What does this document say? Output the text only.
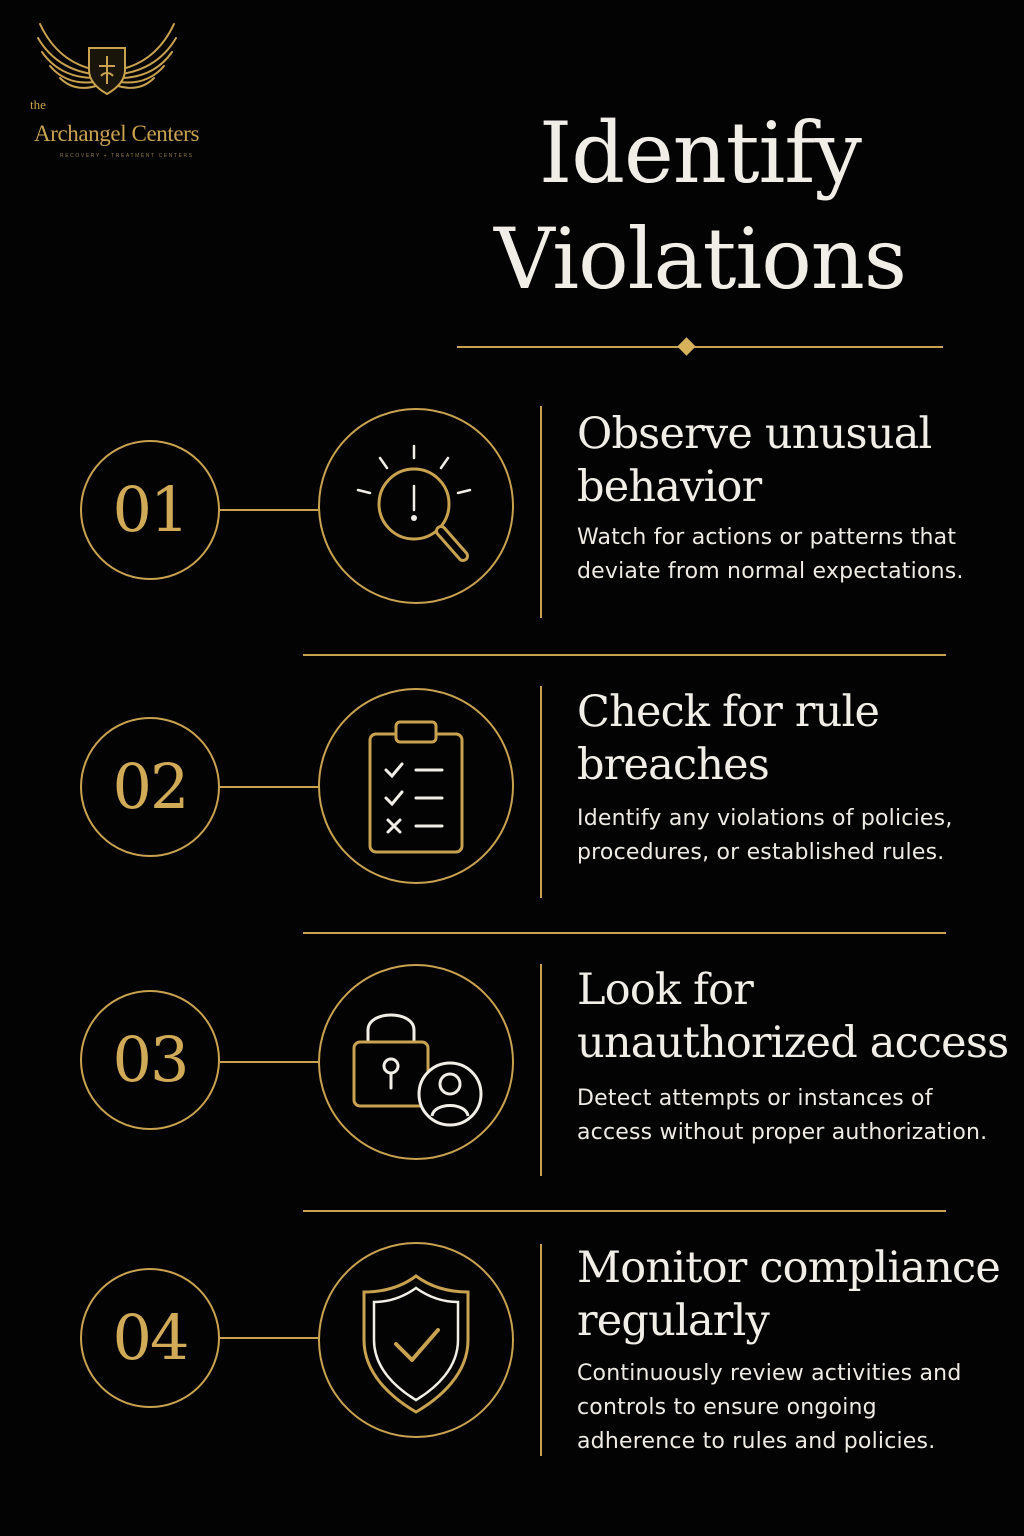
the
Archangel Centers
RECOVERY + TREATMENT CENTERS	Identify
Violations
01
Observe unusual behavior

Watch for actions or patterns that deviate from normal expectations.

02
Check for rule breaches

Identify any violations of policies, procedures, or established rules.

03
Look for unauthorized access

Detect attempts or instances of access without proper authorization.

04
Monitor compliance regularly

Continuously review activities and controls to ensure ongoing adherence to rules and policies.
